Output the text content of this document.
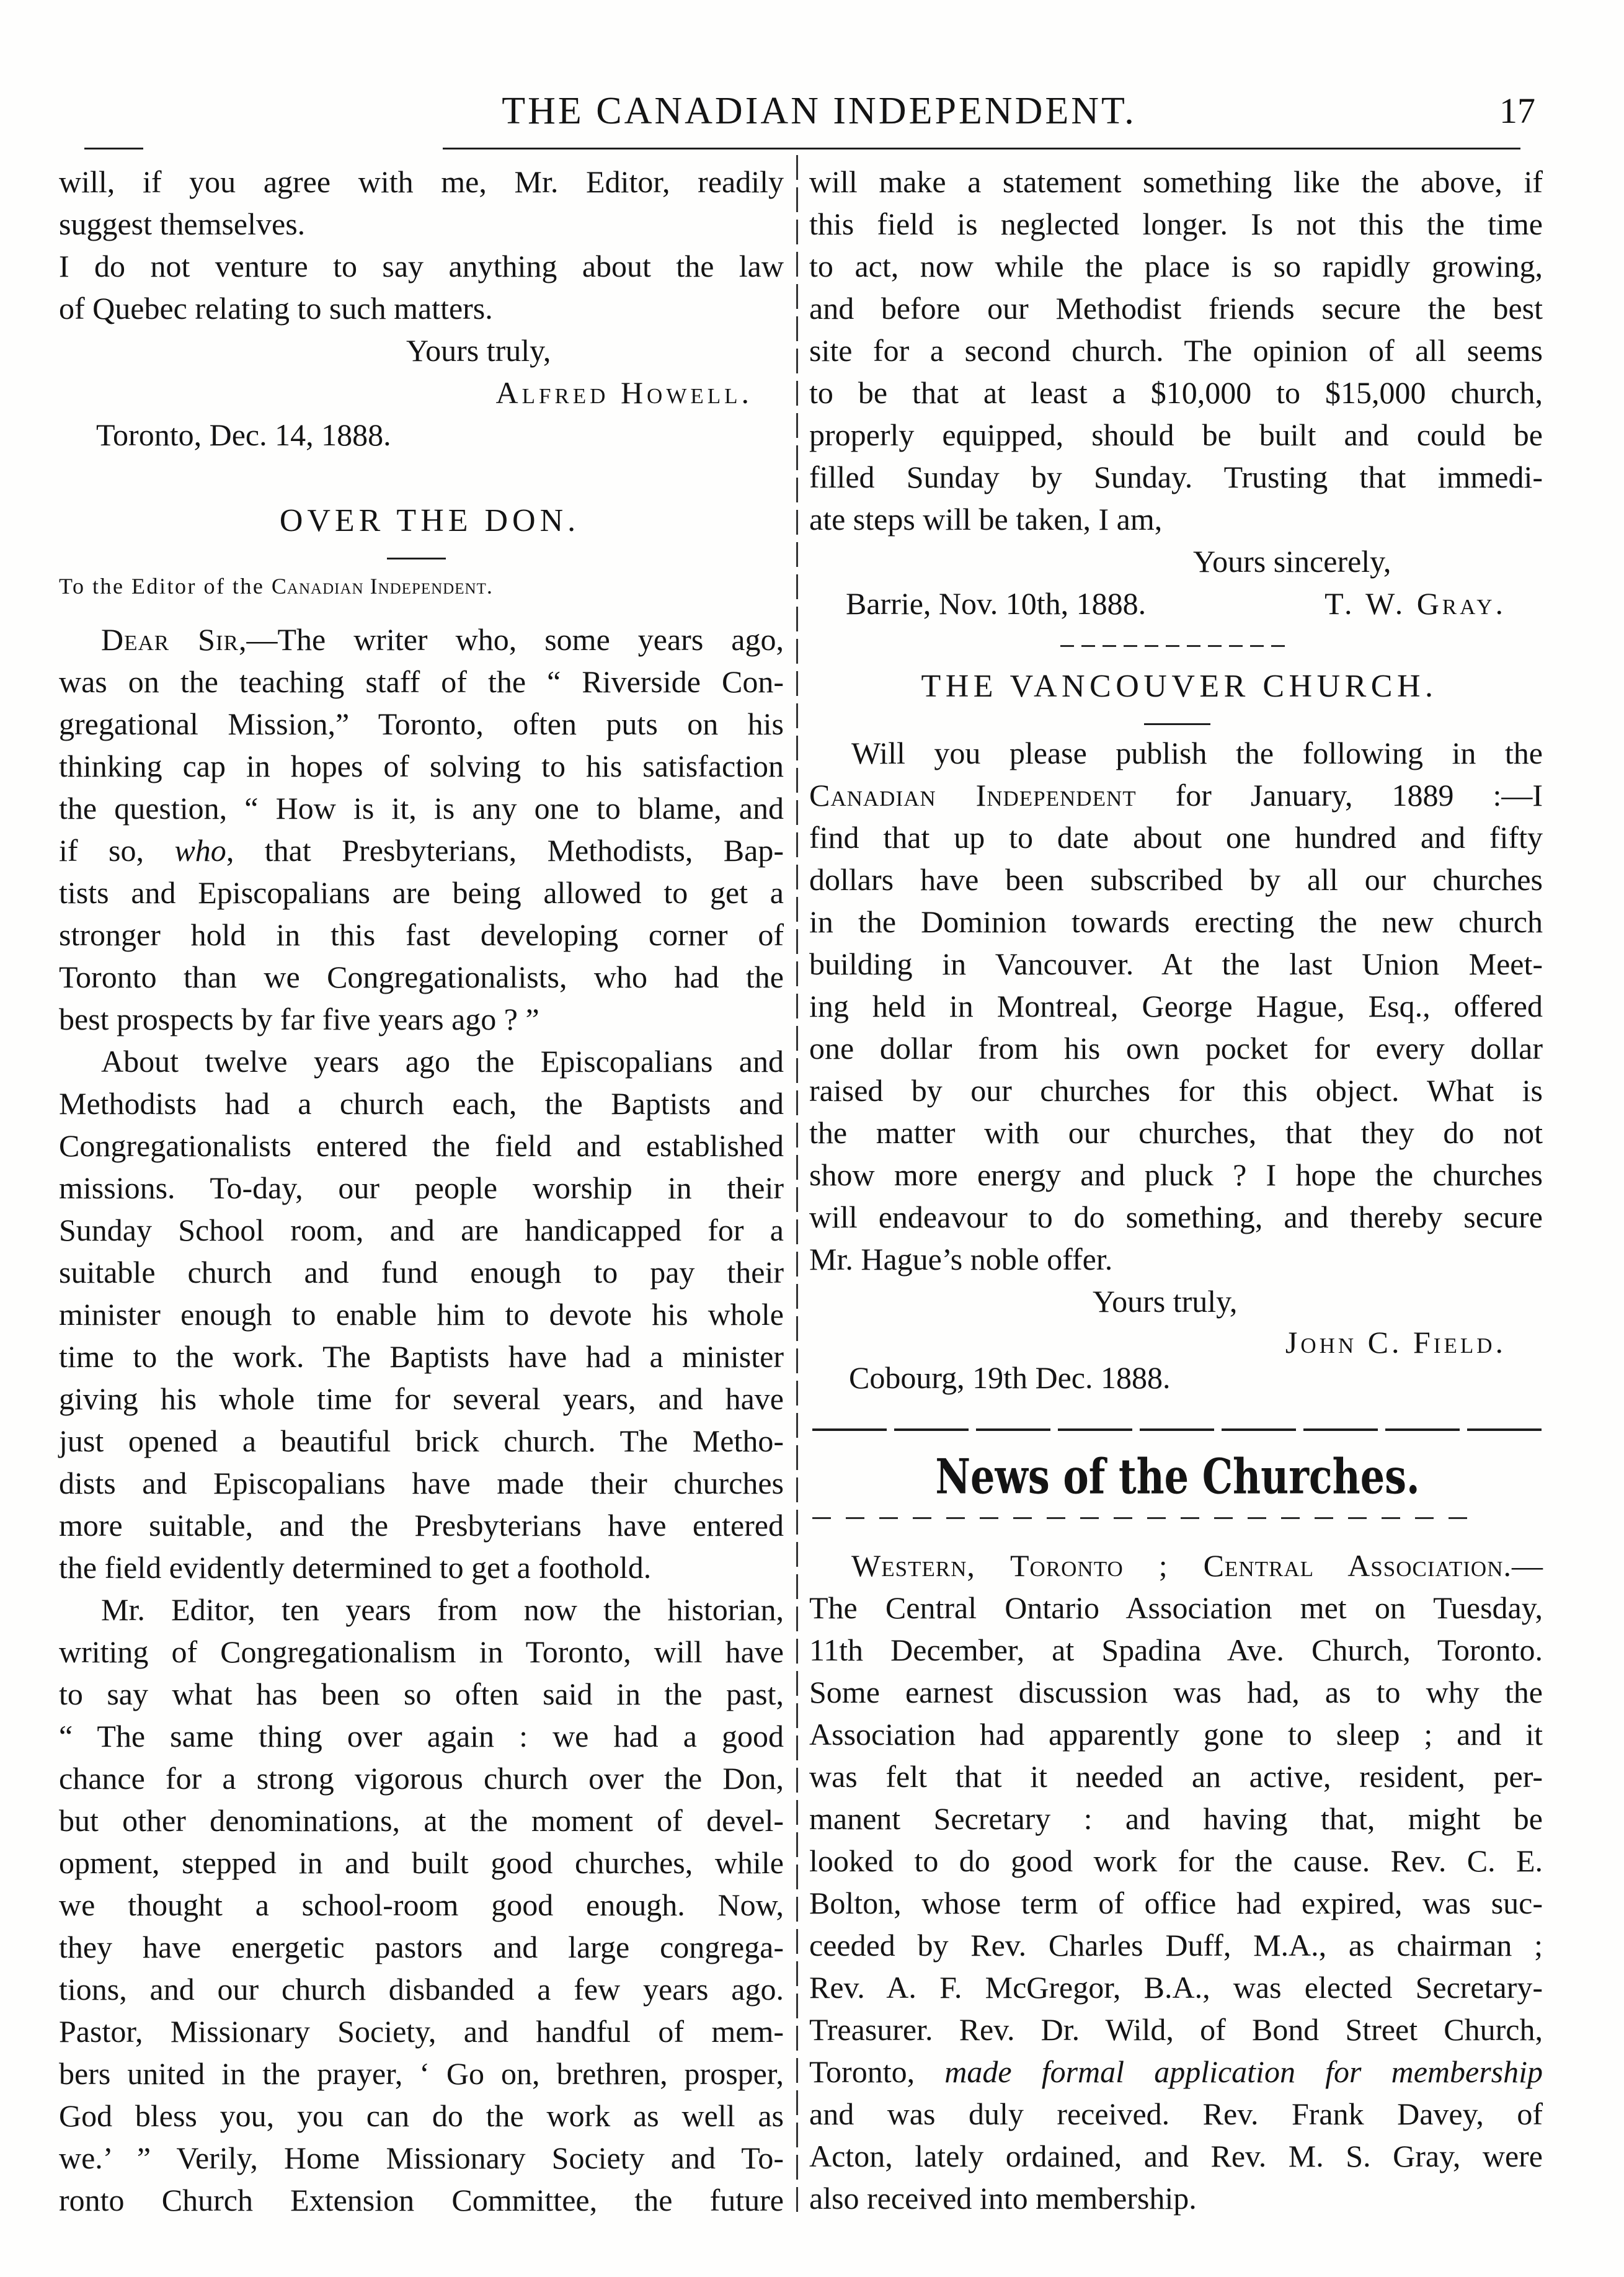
THE CANADIAN INDEPENDENT.	17
will, if you agree with me, Mr. Editor, readily
suggest themselves.
I do not venture to say anything about the law
of Quebec relating to such matters.
Yours truly,
Alfred Howell.
Toronto, Dec. 14, 1888.
OVER THE DON.
To the Editor of the Canadian Independent.
Dear Sir,—The writer who, some years ago,
was on the teaching staff of the “ Riverside Con-
gregational Mission,” Toronto, often puts on his
thinking cap in hopes of solving to his satisfaction
the question, “ How is it, is any one to blame, and
if so, who, that Presbyterians, Methodists, Bap-
tists and Episcopalians are being allowed to get a
stronger hold in this fast developing corner of
Toronto than we Congregationalists, who had the
best prospects by far five years ago ? ”
About twelve years ago the Episcopalians and
Methodists had a church each, the Baptists and
Congregationalists entered the field and established
missions. To-day, our people worship in their
Sunday School room, and are handicapped for a
suitable church and fund enough to pay their
minister enough to enable him to devote his whole
time to the work. The Baptists have had a minister
giving his whole time for several years, and have
just opened a beautiful brick church. The Metho-
dists and Episcopalians have made their churches
more suitable, and the Presbyterians have entered
the field evidently determined to get a foothold.
Mr. Editor, ten years from now the historian,
writing of Congregationalism in Toronto, will have
to say what has been so often said in the past,
“ The same thing over again : we had a good
chance for a strong vigorous church over the Don,
but other denominations, at the moment of devel-
opment, stepped in and built good churches, while
we thought a school-room good enough. Now,
they have energetic pastors and large congrega-
tions, and our church disbanded a few years ago.
Pastor, Missionary Society, and handful of mem-
bers united in the prayer, ‘ Go on, brethren, prosper,
God bless you, you can do the work as well as
we.’ ” Verily, Home Missionary Society and To-
ronto Church Extension Committee, the future
will make a statement something like the above, if
this field is neglected longer. Is not this the time
to act, now while the place is so rapidly growing,
and before our Methodist friends secure the best
site for a second church. The opinion of all seems
to be that at least a $10,000 to $15,000 church,
properly equipped, should be built and could be
filled Sunday by Sunday. Trusting that immedi-
ate steps will be taken, I am,
Yours sincerely,
Barrie, Nov. 10th, 1888.	T. W. Gray.
THE VANCOUVER CHURCH.
Will you please publish the following in the
Canadian Independent for January, 1889 :—I
find that up to date about one hundred and fifty
dollars have been subscribed by all our churches
in the Dominion towards erecting the new church
building in Vancouver. At the last Union Meet-
ing held in Montreal, George Hague, Esq., offered
one dollar from his own pocket for every dollar
raised by our churches for this object. What is
the matter with our churches, that they do not
show more energy and pluck ? I hope the churches
will endeavour to do something, and thereby secure
Mr. Hague’s noble offer.
Yours truly,
John C. Field.
Cobourg, 19th Dec. 1888.
News of the Churches.
Western, Toronto ; Central Association.—
The Central Ontario Association met on Tuesday,
11th December, at Spadina Ave. Church, Toronto.
Some earnest discussion was had, as to why the
Association had apparently gone to sleep ; and it
was felt that it needed an active, resident, per-
manent Secretary : and having that, might be
looked to do good work for the cause. Rev. C. E.
Bolton, whose term of office had expired, was suc-
ceeded by Rev. Charles Duff, M.A., as chairman ;
Rev. A. F. McGregor, B.A., was elected Secretary-
Treasurer. Rev. Dr. Wild, of Bond Street Church,
Toronto, made formal application for membership
and was duly received. Rev. Frank Davey, of
Acton, lately ordained, and Rev. M. S. Gray, were
also received into membership.
